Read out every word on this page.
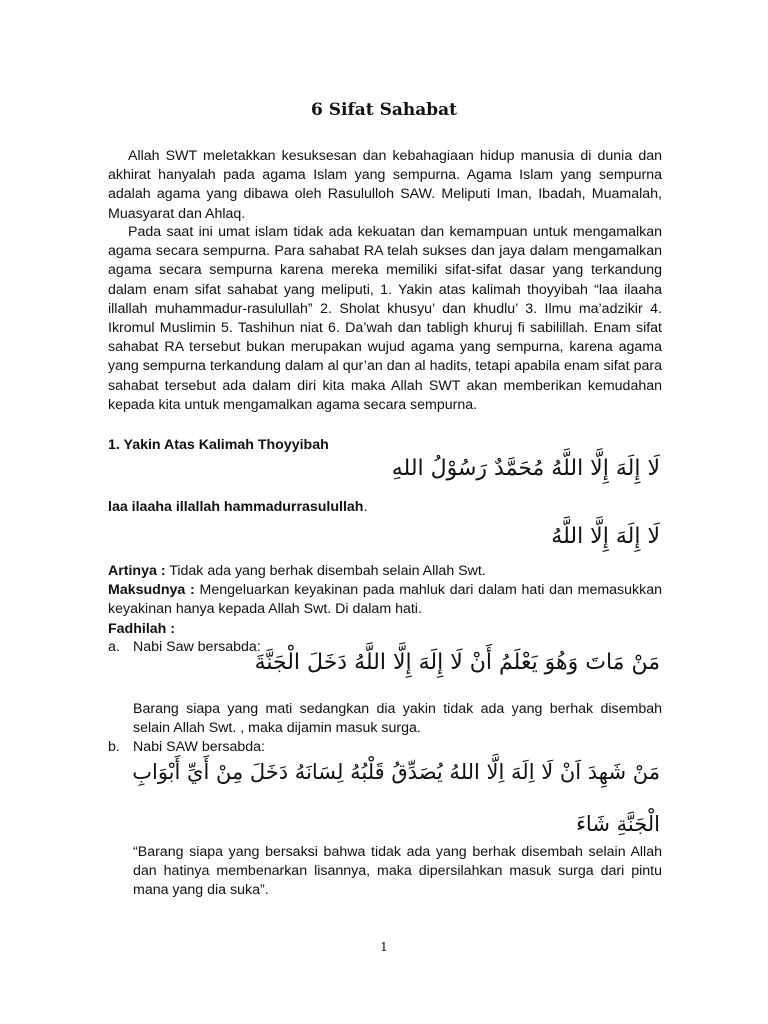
6 Sifat Sahabat
Allah SWT meletakkan kesuksesan dan kebahagiaan hidup manusia di dunia dan akhirat hanyalah pada agama Islam yang sempurna. Agama Islam yang sempurna adalah agama yang dibawa oleh Rasululloh SAW. Meliputi Iman, Ibadah, Muamalah, Muasyarat dan Ahlaq.
Pada saat ini umat islam tidak ada kekuatan dan kemampuan untuk mengamalkan agama secara sempurna. Para sahabat RA telah sukses dan jaya dalam mengamalkan agama secara sempurna karena mereka memiliki sifat-sifat dasar yang terkandung dalam enam sifat sahabat yang meliputi, 1. Yakin atas kalimah thoyyibah “laa ilaaha illallah muhammadur-rasulullah” 2. Sholat khusyu’ dan khudlu’ 3. Ilmu ma’adzikir 4. Ikromul Muslimin 5. Tashihun niat 6. Da’wah dan tabligh khuruj fi sabilillah. Enam sifat sahabat RA tersebut bukan merupakan wujud agama yang sempurna, karena agama yang sempurna terkandung dalam al qur’an dan al hadits, tetapi apabila enam sifat para sahabat tersebut ada dalam diri kita maka Allah SWT akan memberikan kemudahan kepada kita untuk mengamalkan agama secara sempurna.
1. Yakin Atas Kalimah Thoyyibah
لَا إِلَهَ إِلَّا اللَّهُ مُحَمَّدٌ رَسُوْلُ اللهِ
laa ilaaha illallah hammadurrasulullah.
لَا إِلَهَ إِلَّا اللَّهُ
Artinya : Tidak ada yang berhak disembah selain Allah Swt.
Maksudnya : Mengeluarkan keyakinan pada mahluk dari dalam hati dan memasukkan keyakinan hanya kepada Allah Swt. Di dalam hati.
Fadhilah :
a. Nabi Saw bersabda:
مَنْ مَاتَ وَهُوَ يَعْلَمُ أَنْ لَا إِلَهَ إِلَّا اللَّهُ دَخَلَ الْجَنَّةَ
Barang siapa yang mati sedangkan dia yakin tidak ada yang berhak disembah selain Allah Swt. , maka dijamin masuk surga.
b. Nabi SAW bersabda:
مَنْ شَهِدَ اَنْ لَا اِلَهَ اِلَّا اللهُ يُصَدِّقُ قَلْبُهُ لِسَانَهُ دَخَلَ مِنْ أَيِّ أَبْوَابِ
الْجَنَّةِ شَاءَ
“Barang siapa yang bersaksi bahwa tidak ada yang berhak disembah selain Allah dan hatinya membenarkan lisannya, maka dipersilahkan masuk surga dari pintu mana yang dia suka”.
1
